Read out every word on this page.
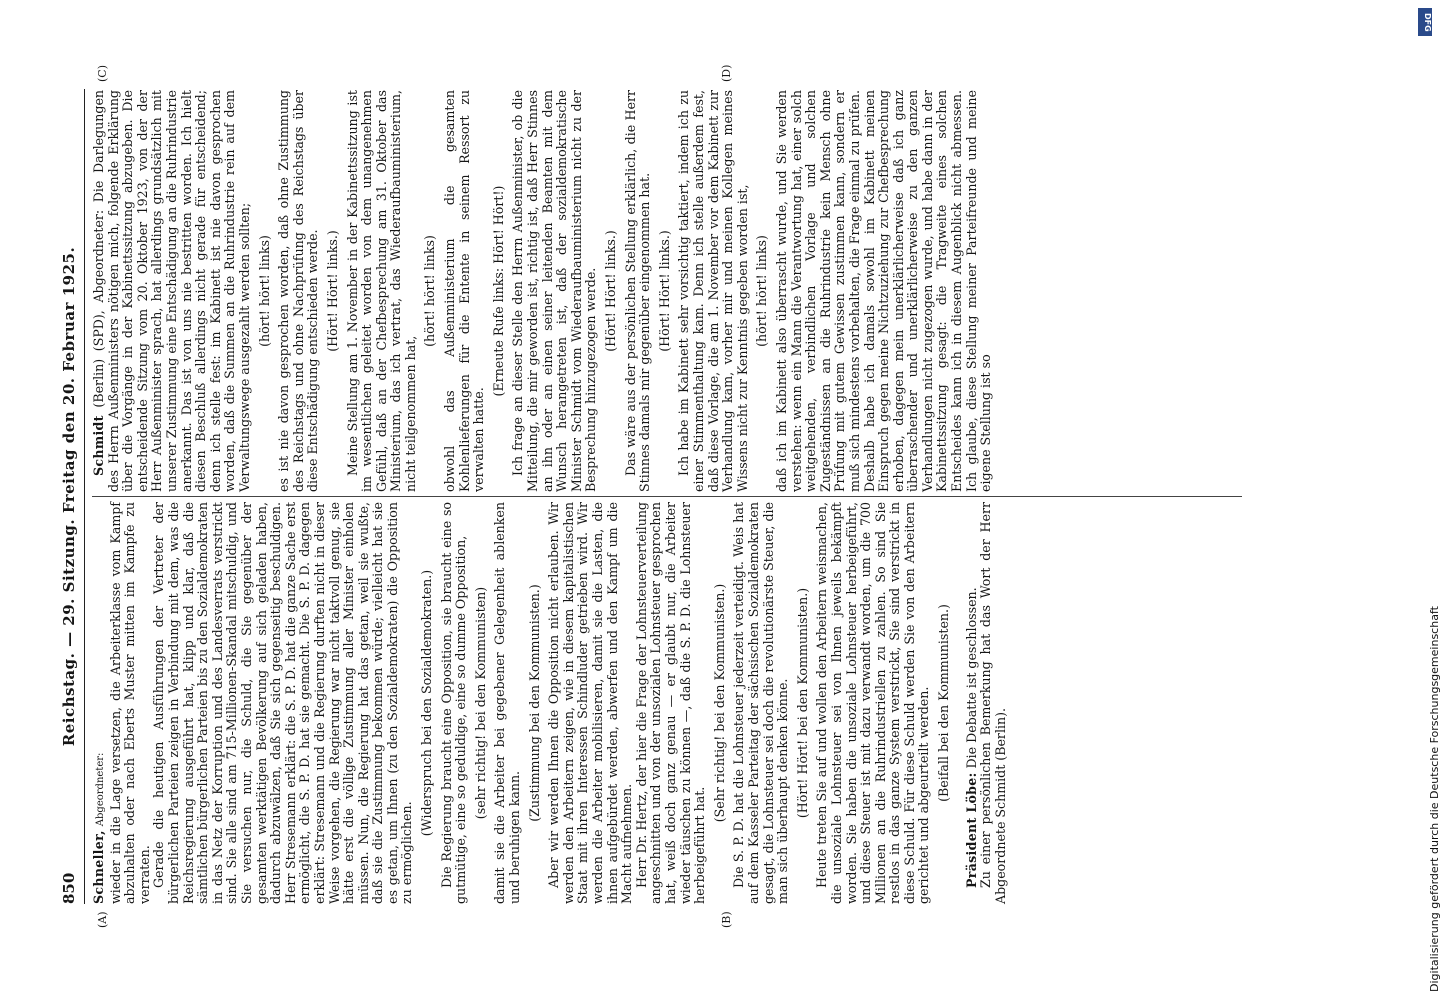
850
Reichstag. — 29. Sitzung. Freitag den 20. Februar 1925.
(A)	(B)
(C)	(D)

Schneller, Abgeordneter: wieder in die Lage versetzen, die Arbeiterklasse vom Kampf abzuhalten oder nach Eberts Muster mitten im Kampfe zu verraten. Gerade die heutigen Ausführungen der Vertreter der bürgerlichen Parteien zeigen in Verbindung mit dem, was die Reichsregierung ausgeführt hat, klipp und klar, daß die sämtlichen bürgerlichen Parteien bis zu den Sozialdemokraten in das Netz der Korruption und des Landesverrats verstrickt sind. Sie alle sind am 715-Millionen-Skandal mitschuldig, und Sie versuchen nur, die Schuld, die Sie gegenüber der gesamten werktätigen Bevölkerung auf sich geladen haben, dadurch abzuwälzen, daß Sie sich gegenseitig beschuldigen. Herr Stresemann erklärt: die S. P. D. hat die ganze Sache erst ermöglicht, die S. P. D. hat sie gemacht. Die S. P. D. dagegen erklärt: Stresemann und die Regierung durften nicht in dieser Weise vorgehen, die Regierung war nicht taktvoll genug, sie hätte erst die völlige Zustimmung aller Minister einholen müssen. Nun, die Regierung hat das getan, weil sie wußte, daß sie die Zustimmung bekommen würde; vielleicht hat sie es getan, um Ihnen (zu den Sozialdemokraten) die Opposition zu ermöglichen.

(Widerspruch bei den Sozialdemokraten.) Die Regierung braucht eine Opposition, sie braucht eine so gutmütige, eine so geduldige, eine so dumme Opposition, (sehr richtig! bei den Kommunisten) damit sie die Arbeiter bei gegebener Gelegenheit ablenken und beruhigen kann.

(Zustimmung bei den Kommunisten.) Aber wir werden Ihnen die Opposition nicht erlauben. Wir werden den Arbeitern zeigen, wie in diesem kapitalistischen Staat mit ihren Interessen Schindluder getrieben wird. Wir werden die Arbeiter mobilisieren, damit sie die Lasten, die ihnen aufgebürdet werden, abwerfen und den Kampf um die Macht aufnehmen. Herr Dr. Hertz, der hier die Frage der Lohnsteuerverteilung angeschnitten und von der unsozialen Lohnsteuer gesprochen hat, weiß doch ganz genau — er glaubt nur, die Arbeiter wieder täuschen zu können —, daß die S. P. D. die Lohnsteuer herbeigeführt hat.

(Sehr richtig! bei den Kommunisten.) Die S. P. D. hat die Lohnsteuer jederzeit verteidigt. Weis hat auf dem Kasseler Parteitag der sächsischen Sozialdemokraten gesagt, die Lohnsteuer sei doch die revolutionärste Steuer, die man sich überhaupt denken könne. (Hört! Hört! bei den Kommunisten.) Heute treten Sie auf und wollen den Arbeitern weismachen, die unsoziale Lohnsteuer sei von Ihnen jeweils bekämpft worden. Sie haben die unsoziale Lohnsteuer herbeigeführt, und diese Steuer ist mit dazu verwandt worden, um die 700 Millionen an die Ruhrindustriellen zu zahlen. So sind Sie restlos in das ganze System verstrickt, Sie sind verstrickt in diese Schuld. Für diese Schuld werden Sie von den Arbeitern gerichtet und abgeurteilt werden. (Beifall bei den Kommunisten.)

Präsident Löbe: Die Debatte ist geschlossen. Zu einer persönlichen Bemerkung hat das Wort der Herr Abgeordnete Schmidt (Berlin).

Schmidt (Berlin) (SPD), Abgeordneter: Die Darlegungen des Herrn Außenministers nötigen mich, folgende Erklärung über die Vorgänge in der Kabinettssitzung abzugeben. Die entscheidende Sitzung vom 20. Oktober 1923, von der der Herr Außenminister sprach, hat allerdings grundsätzlich mit unserer Zustimmung eine Entschädigung an die Ruhrindustrie anerkannt. Das ist von uns nie bestritten worden. Ich hielt diesen Beschluß allerdings nicht gerade für entscheidend; denn ich stelle fest: im Kabinett ist nie davon gesprochen worden, daß die Summen an die Ruhrindustrie rein auf dem Verwaltungswege ausgezahlt werden sollten; (hört! hört! links) es ist nie davon gesprochen worden, daß ohne Zustimmung des Reichstags und ohne Nachprüfung des Reichstags über diese Entschädigung entschieden werde. (Hört! Hört! links.) Meine Stellung am 1. November in der Kabinettssitzung ist im wesentlichen geleitet worden von dem unangenehmen Gefühl, daß an der Chefbesprechung am 31. Oktober das Ministerium, das ich vertrat, das Wiederaufbauministerium, nicht teilgenommen hat,

(hört! hört! links) obwohl das Außenministerium die gesamten Kohlenlieferungen für die Entente in seinem Ressort zu verwalten hatte.

(Erneute Rufe links: Hört! Hört!) Ich frage an dieser Stelle den Herrn Außenminister, ob die Mitteilung, die mir geworden ist, richtig ist, daß Herr Stinnes an ihn oder an einen seiner leitenden Beamten mit dem Wunsch herangetreten ist, daß der sozialdemokratische Minister Schmidt vom Wiederaufbauministerium nicht zu der Besprechung hinzugezogen werde. (Hört! Hört! links.) Das wäre aus der persönlichen Stellung erklärlich, die Herr Stinnes damals mir gegenüber eingenommen hat. (Hört! Hört! links.) Ich habe im Kabinett sehr vorsichtig taktiert, indem ich zu einer Stimmenthaltung kam. Denn ich stelle außerdem fest, daß diese Vorlage, die am 1. November vor dem Kabinett zur Verhandlung kam, vorher mir und meinen Kollegen meines Wissens nicht zur Kenntnis gegeben worden ist, (hört! hört! links) daß ich im Kabinett also überrascht wurde, und Sie werden verstehen: wenn ein Mann die Verantwortung hat, einer solch weitgehenden, verbindlichen Vorlage und solchen Zugeständnissen an die Ruhrindustrie kein Mensch ohne Prüfung mit gutem Gewissen zustimmen kann, sondern er muß sich mindestens vorbehalten, die Frage einmal zu prüfen. Deshalb habe ich damals sowohl im Kabinett meinen Einspruch gegen meine Nichtzuziehung zur Chefbesprechung erhoben, dagegen mein unerklärlicherweise daß ich ganz überraschender und unerklärlicherweise zu den ganzen Verhandlungen nicht zugezogen wurde, und habe dann in der Kabinettssitzung gesagt: die Tragweite eines solchen Entscheides kann ich in diesem Augenblick nicht abmessen. Ich glaube, diese Stellung meiner Parteifreunde und meine eigene Stellung ist so

Digitalisierung gefördert durch die Deutsche Forschungsgemeinschaft
DFG
